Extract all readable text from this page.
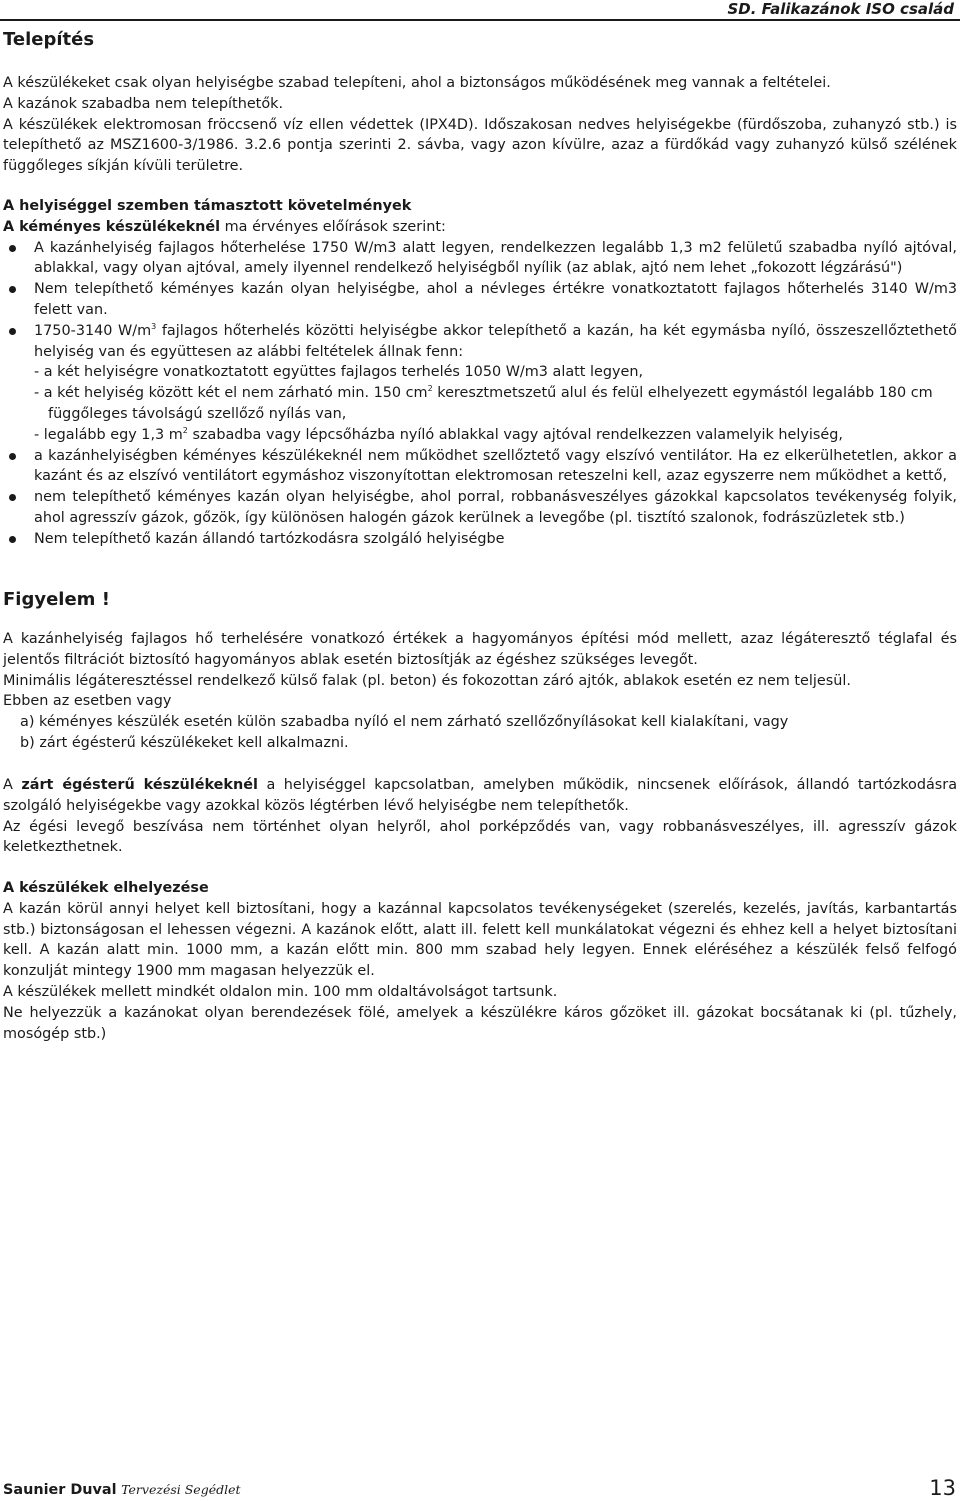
SD. Falikazánok ISO család
Telepítés

A készülékeket csak olyan helyiségbe szabad telepíteni, ahol a biztonságos működésének meg vannak a feltételei.

A kazánok szabadba nem telepíthetők.

A készülékek elektromosan fröccsenő víz ellen védettek (IPX4D). Időszakosan nedves helyiségekbe (fürdőszoba, zuhanyzó stb.) is telepíthető az MSZ1600-3/1986. 3.2.6 pontja szerinti 2. sávba, vagy azon kívülre, azaz a fürdőkád vagy zuhanyzó külső szélének függőleges síkján kívüli területre.

A helyiséggel szemben támasztott követelmények

A kéményes készülékeknél ma érvényes előírások szerint:

A kazánhelyiség fajlagos hőterhelése 1750 W/m3 alatt legyen, rendelkezzen legalább 1,3 m2 felületű szabadba nyíló ajtóval, ablakkal, vagy olyan ajtóval, amely ilyennel rendelkező helyiségből nyílik (az ablak, ajtó nem lehet „fokozott légzárású")
Nem telepíthető kéményes kazán olyan helyiségbe, ahol a névleges értékre vonatkoztatott fajlagos hőterhelés 3140 W/m3 felett van.
1750-3140 $W/m^3$ fajlagos hőterhelés közötti helyiségbe akkor telepíthető a kazán, ha két egymásba nyíló, összeszellőztethető helyiség van és együttesen az alábbi feltételek állnak fenn:
- a két helyiségre vonatkoztatott együttes fajlagos terhelés 1050 W/m3 alatt legyen,
- a két helyiség között két el nem zárható min. 150 $cm^2$ keresztmetszetű alul és felül elhelyezett egymástól legalább 180 cm
függőleges távolságú szellőző nyílás van,
- legalább egy 1,3 $m^2$ szabadba vagy lépcsőházba nyíló ablakkal vagy ajtóval rendelkezzen valamelyik helyiség,
a kazánhelyiségben kéményes készülékeknél nem működhet szellőztető vagy elszívó ventilátor. Ha ez elkerülhetetlen, akkor a kazánt és az elszívó ventilátort egymáshoz viszonyítottan elektromosan reteszelni kell, azaz egyszerre nem működhet a kettő,
nem telepíthető kéményes kazán olyan helyiségbe, ahol porral, robbanásveszélyes gázokkal kapcsolatos tevékenység folyik, ahol agresszív gázok, gőzök, így különösen halogén gázok kerülnek a levegőbe (pl. tisztító szalonok, fodrászüzletek stb.)
Nem telepíthető kazán állandó tartózkodásra szolgáló helyiségbe
Figyelem !

A kazánhelyiség fajlagos hő terhelésére vonatkozó értékek a hagyományos építési mód mellett, azaz légáteresztő téglafal és jelentős filtrációt biztosító hagyományos ablak esetén biztosítják az égéshez szükséges levegőt.

Minimális légáteresztéssel rendelkező külső falak (pl. beton) és fokozottan záró ajtók, ablakok esetén ez nem teljesül.

Ebben az esetben vagy

a) kéményes készülék esetén külön szabadba nyíló el nem zárható szellőzőnyílásokat kell kialakítani, vagy

b) zárt égésterű készülékeket kell alkalmazni.

A zárt égésterű készülékeknél a helyiséggel kapcsolatban, amelyben működik, nincsenek előírások, állandó tartózkodásra szolgáló helyiségekbe vagy azokkal közös légtérben lévő helyiségbe nem telepíthetők.

Az égési levegő beszívása nem történhet olyan helyről, ahol porképződés van, vagy robbanásveszélyes, ill. agresszív gázok keletkezthetnek.

A készülékek elhelyezése

A kazán körül annyi helyet kell biztosítani, hogy a kazánnal kapcsolatos tevékenységeket (szerelés, kezelés, javítás, karbantartás stb.) biztonságosan el lehessen végezni. A kazánok előtt, alatt ill. felett kell munkálatokat végezni és ehhez kell a helyet biztosítani kell. A kazán alatt min. 1000 mm, a kazán előtt min. 800 mm szabad hely legyen. Ennek eléréséhez a készülék felső felfogó konzulját mintegy 1900 mm magasan helyezzük el.

A készülékek mellett mindkét oldalon min. 100 mm oldaltávolságot tartsunk.

Ne helyezzük a kazánokat olyan berendezések fölé, amelyek a készülékre káros gőzöket ill. gázokat bocsátanak ki (pl. tűzhely, mosógép stb.)

Saunier Duval Tervezési Segédlet	13
